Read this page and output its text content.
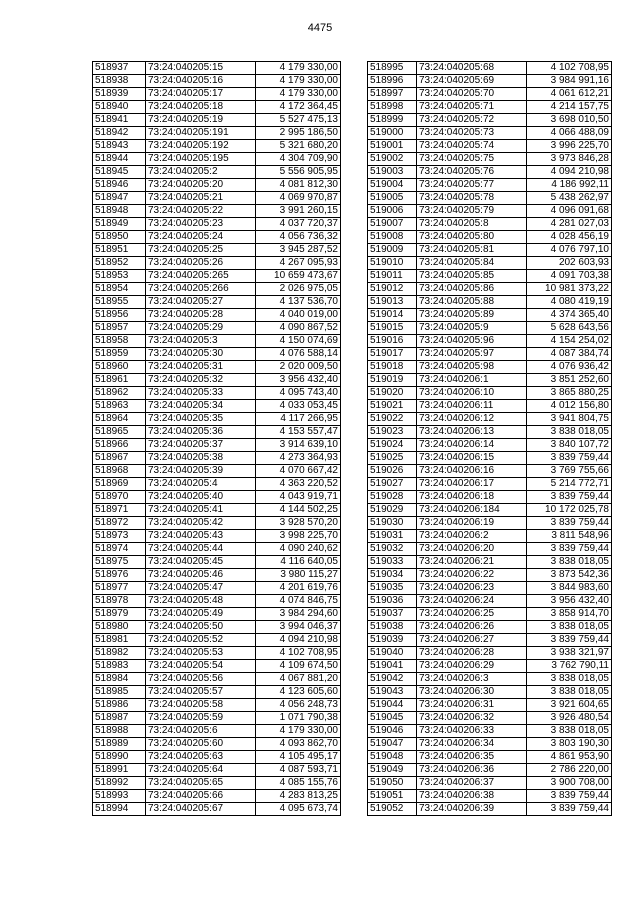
4475
518937	73:24:040205:15	4 179 330,00
518938	73:24:040205:16	4 179 330,00
518939	73:24:040205:17	4 179 330,00
518940	73:24:040205:18	4 172 364,45
518941	73:24:040205:19	5 527 475,13
518942	73:24:040205:191	2 995 186,50
518943	73:24:040205:192	5 321 680,20
518944	73:24:040205:195	4 304 709,90
518945	73:24:040205:2	5 556 905,95
518946	73:24:040205:20	4 081 812,30
518947	73:24:040205:21	4 069 970,87
518948	73:24:040205:22	3 991 260,15
518949	73:24:040205:23	4 037 720,37
518950	73:24:040205:24	4 056 736,32
518951	73:24:040205:25	3 945 287,52
518952	73:24:040205:26	4 267 095,93
518953	73:24:040205:265	10 659 473,67
518954	73:24:040205:266	2 026 975,05
518955	73:24:040205:27	4 137 536,70
518956	73:24:040205:28	4 040 019,00
518957	73:24:040205:29	4 090 867,52
518958	73:24:040205:3	4 150 074,69
518959	73:24:040205:30	4 076 588,14
518960	73:24:040205:31	2 020 009,50
518961	73:24:040205:32	3 956 432,40
518962	73:24:040205:33	4 095 743,40
518963	73:24:040205:34	4 033 053,45
518964	73:24:040205:35	4 117 266,95
518965	73:24:040205:36	4 153 557,47
518966	73:24:040205:37	3 914 639,10
518967	73:24:040205:38	4 273 364,93
518968	73:24:040205:39	4 070 667,42
518969	73:24:040205:4	4 363 220,52
518970	73:24:040205:40	4 043 919,71
518971	73:24:040205:41	4 144 502,25
518972	73:24:040205:42	3 928 570,20
518973	73:24:040205:43	3 998 225,70
518974	73:24:040205:44	4 090 240,62
518975	73:24:040205:45	4 116 640,05
518976	73:24:040205:46	3 980 115,27
518977	73:24:040205:47	4 201 619,76
518978	73:24:040205:48	4 074 846,75
518979	73:24:040205:49	3 984 294,60
518980	73:24:040205:50	3 994 046,37
518981	73:24:040205:52	4 094 210,98
518982	73:24:040205:53	4 102 708,95
518983	73:24:040205:54	4 109 674,50
518984	73:24:040205:56	4 067 881,20
518985	73:24:040205:57	4 123 605,60
518986	73:24:040205:58	4 056 248,73
518987	73:24:040205:59	1 071 790,38
518988	73:24:040205:6	4 179 330,00
518989	73:24:040205:60	4 093 862,70
518990	73:24:040205:63	4 105 495,17
518991	73:24:040205:64	4 087 593,71
518992	73:24:040205:65	4 085 155,76
518993	73:24:040205:66	4 283 813,25
518994	73:24:040205:67	4 095 673,74
518995	73:24:040205:68	4 102 708,95
518996	73:24:040205:69	3 984 991,16
518997	73:24:040205:70	4 061 612,21
518998	73:24:040205:71	4 214 157,75
518999	73:24:040205:72	3 698 010,50
519000	73:24:040205:73	4 066 488,09
519001	73:24:040205:74	3 996 225,70
519002	73:24:040205:75	3 973 846,28
519003	73:24:040205:76	4 094 210,98
519004	73:24:040205:77	4 186 992,11
519005	73:24:040205:78	5 438 262,97
519006	73:24:040205:79	4 096 091,68
519007	73:24:040205:8	4 281 027,03
519008	73:24:040205:80	4 028 456,19
519009	73:24:040205:81	4 076 797,10
519010	73:24:040205:84	202 603,93
519011	73:24:040205:85	4 091 703,38
519012	73:24:040205:86	10 981 373,22
519013	73:24:040205:88	4 080 419,19
519014	73:24:040205:89	4 374 365,40
519015	73:24:040205:9	5 628 643,56
519016	73:24:040205:96	4 154 254,02
519017	73:24:040205:97	4 087 384,74
519018	73:24:040205:98	4 076 936,42
519019	73:24:040206:1	3 851 252,60
519020	73:24:040206:10	3 865 880,25
519021	73:24:040206:11	4 012 156,80
519022	73:24:040206:12	3 941 804,75
519023	73:24:040206:13	3 838 018,05
519024	73:24:040206:14	3 840 107,72
519025	73:24:040206:15	3 839 759,44
519026	73:24:040206:16	3 769 755,66
519027	73:24:040206:17	5 214 772,71
519028	73:24:040206:18	3 839 759,44
519029	73:24:040206:184	10 172 025,78
519030	73:24:040206:19	3 839 759,44
519031	73:24:040206:2	3 811 548,96
519032	73:24:040206:20	3 839 759,44
519033	73:24:040206:21	3 838 018,05
519034	73:24:040206:22	3 873 542,36
519035	73:24:040206:23	3 844 983,60
519036	73:24:040206:24	3 956 432,40
519037	73:24:040206:25	3 858 914,70
519038	73:24:040206:26	3 838 018,05
519039	73:24:040206:27	3 839 759,44
519040	73:24:040206:28	3 938 321,97
519041	73:24:040206:29	3 762 790,11
519042	73:24:040206:3	3 838 018,05
519043	73:24:040206:30	3 838 018,05
519044	73:24:040206:31	3 921 604,65
519045	73:24:040206:32	3 926 480,54
519046	73:24:040206:33	3 838 018,05
519047	73:24:040206:34	3 803 190,30
519048	73:24:040206:35	4 861 953,90
519049	73:24:040206:36	2 786 220,00
519050	73:24:040206:37	3 900 708,00
519051	73:24:040206:38	3 839 759,44
519052	73:24:040206:39	3 839 759,44
